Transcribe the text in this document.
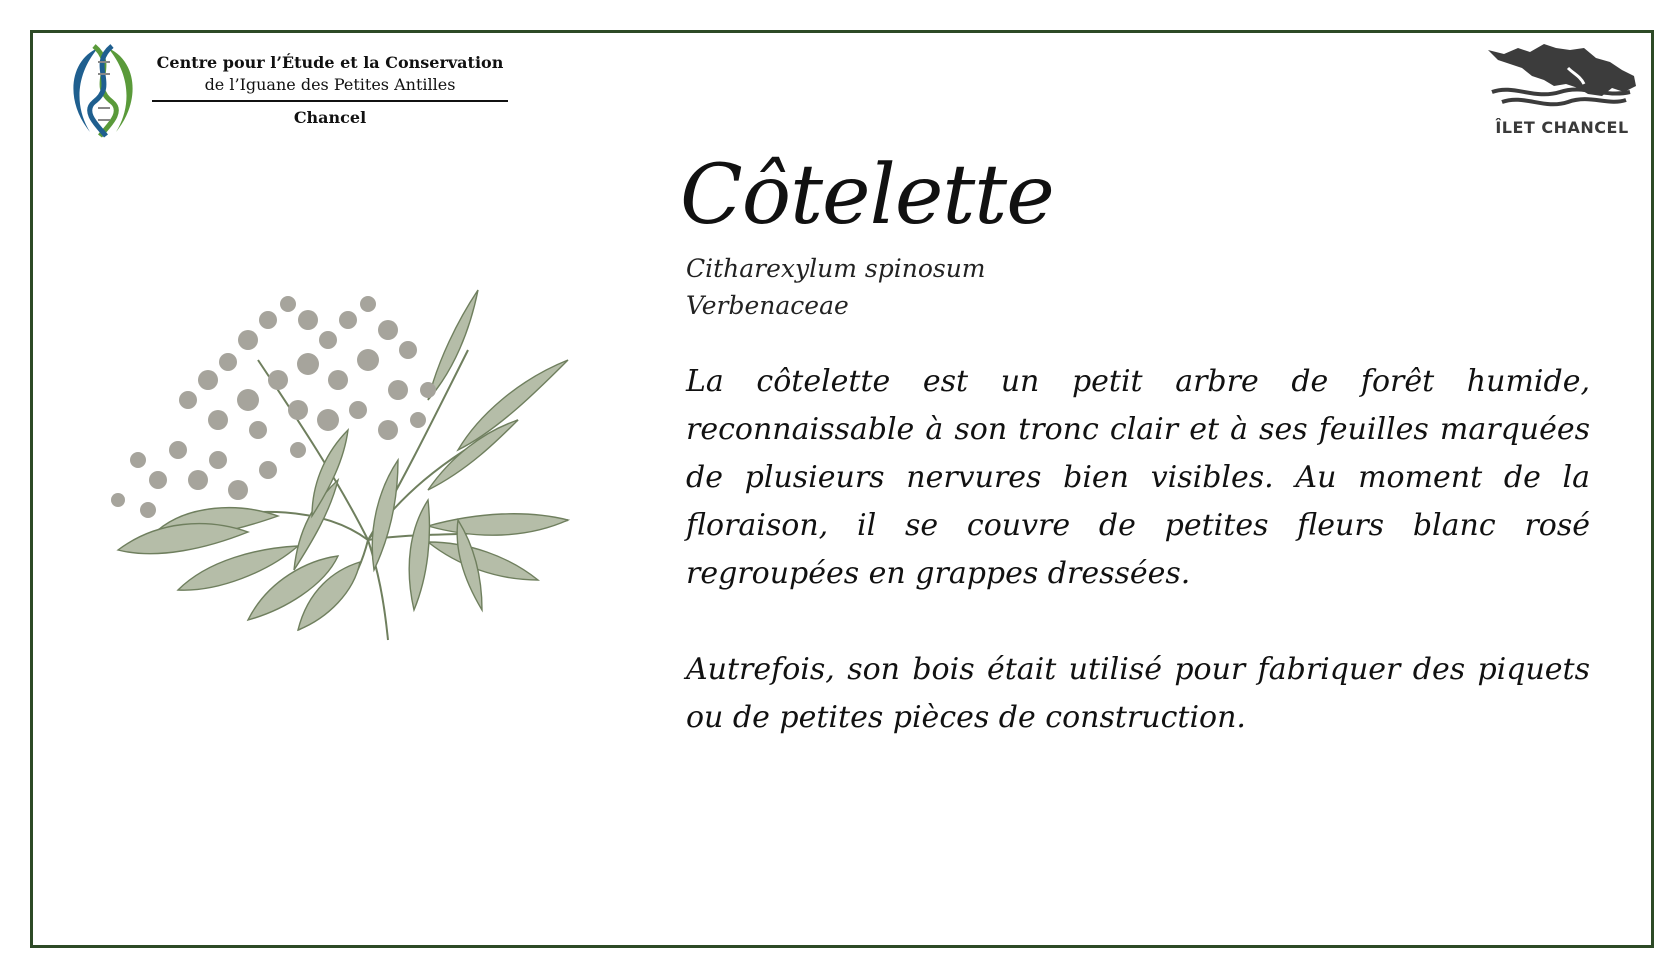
Centre pour l’Étude et la Conservation
de l’Iguane des Petites Antilles
Chancel
ÎLET CHANCEL
Côtelette
Citharexylum spinosum
Verbenaceae

La côtelette est un petit arbre de forêt humide, reconnaissable à son tronc clair et à ses feuilles marquées de plusieurs nervures bien visibles. Au moment de la floraison, il se couvre de petites fleurs blanc rosé regroupées en grappes dressées.

Autrefois, son bois était utilisé pour fabriquer des piquets ou de petites pièces de construction.
